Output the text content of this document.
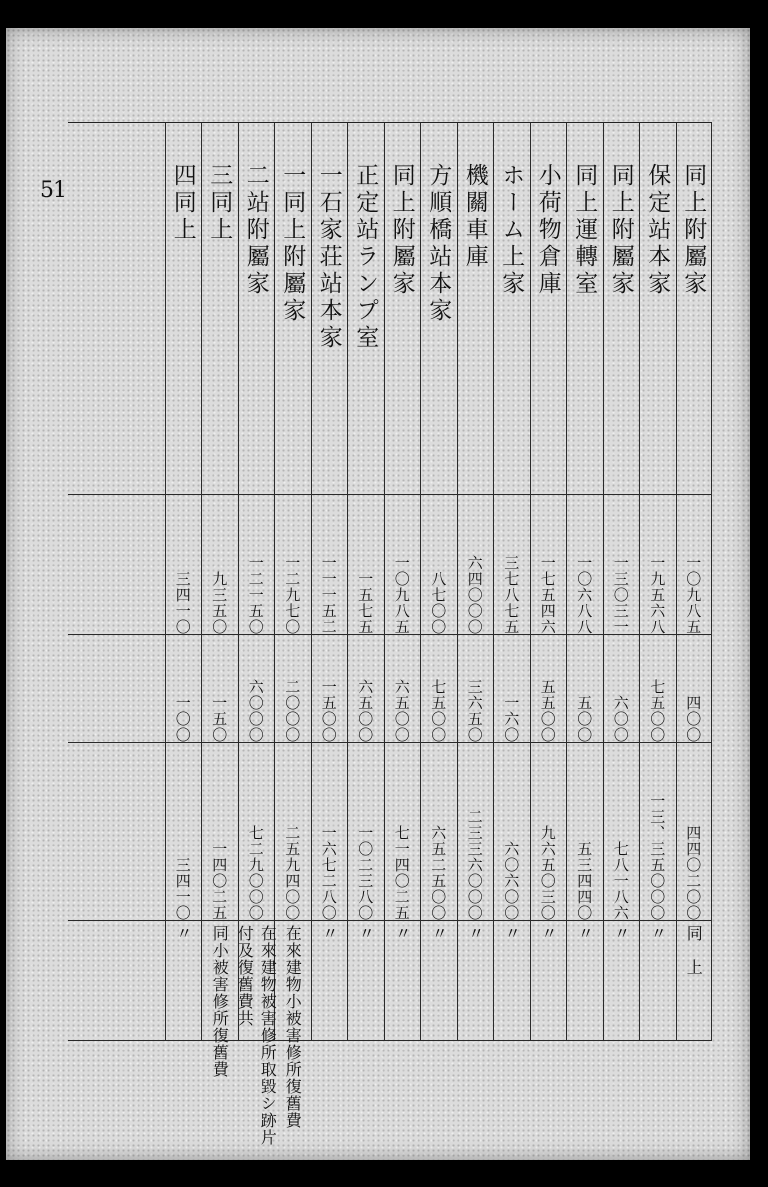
51	同上附屬家
一〇九八五
四〇〇
四四〇二〇〇
同　上
保定站本家
一九五六八
七五〇〇
一三、三五〇〇〇
〃
同上附屬家
一三〇三一
六〇〇
七八一八六
〃
同上運轉室
一〇六八八
五〇〇
五三四四〇
〃
小荷物倉庫
一七五四六
五五〇〇
九六五〇三〇
〃
ホーム上家
三七八七五
一六〇
六〇六〇〇
〃
機關車庫
六四〇〇〇
三六五〇
二三三六〇〇〇
〃
方順橋站本家
八七〇〇
七五〇〇
六五二五〇〇
〃
同上附屬家
一〇九八五
六五〇〇
七一四〇二五
〃
正定站ランプ室
一五七五
六五〇〇
一〇二三八〇
〃
一石家荘站本家
一一一五二
一五〇〇
一六七二八〇
〃
一同上附屬家
一二九七〇
二〇〇〇
二五九四〇〇
在來建物小被害修所復舊費
二站附屬家
一二一五〇
六〇〇〇
七二九〇〇〇
在來建物被害修所取毀シ跡片付及復舊費共
三同上
九三五〇
一五〇
一四〇二五
同小被害修所復舊費
四同上
三四一〇
一〇〇
三四一〇
〃
